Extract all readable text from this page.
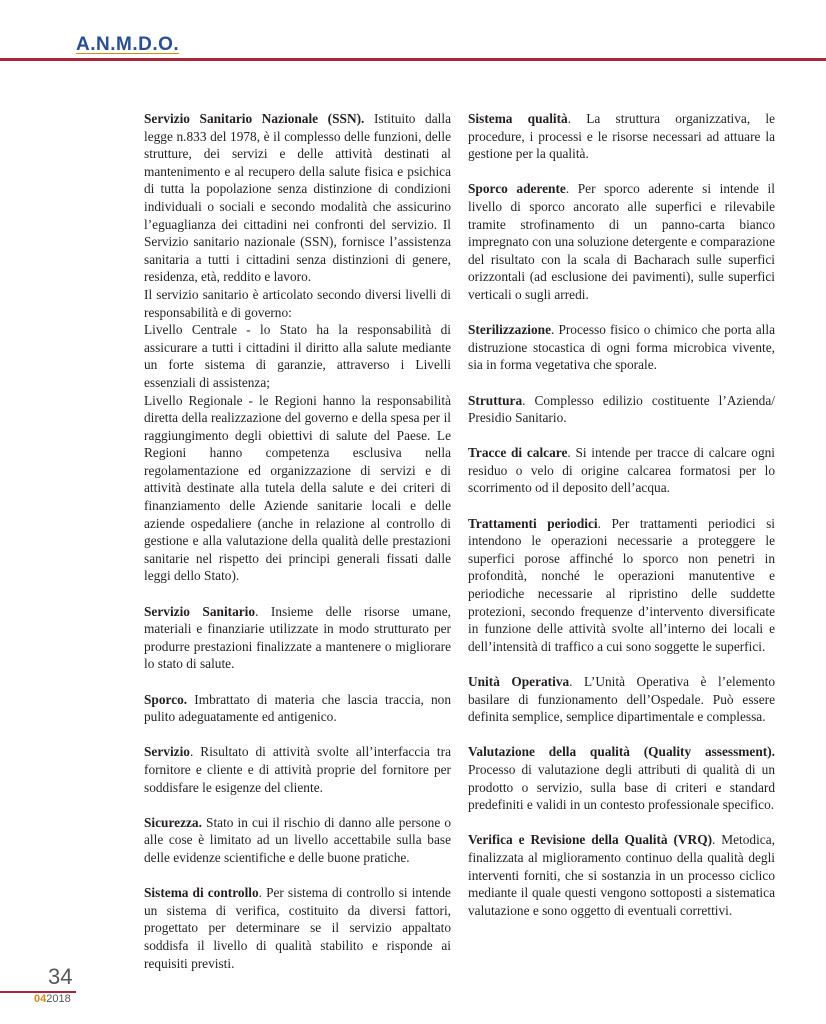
A.N.M.D.O.

Servizio Sanitario Nazionale (SSN). Istituito dalla legge n.833 del 1978, è il complesso delle funzioni, delle strutture, dei servizi e delle attività destinati al mantenimento e al recupero della salute fisica e psichica di tutta la popolazione senza distinzione di condizioni individuali o sociali e secondo modalità che assicurino l’eguaglianza dei cittadini nei confronti del servizio. Il Servizio sanitario nazionale (SSN), fornisce l’assistenza sanitaria a tutti i cittadini senza distinzioni di genere, residenza, età, reddito e lavoro.

Il servizio sanitario è articolato secondo diversi livelli di responsabilità e di governo:

Livello Centrale - lo Stato ha la responsabilità di assicurare a tutti i cittadini il diritto alla salute mediante un forte sistema di garanzie, attraverso i Livelli essenziali di assistenza;

Livello Regionale - le Regioni hanno la responsabilità diretta della realizzazione del governo e della spesa per il raggiungimento degli obiettivi di salute del Paese. Le Regioni hanno competenza esclusiva nella regolamentazione ed organizzazione di servizi e di attività destinate alla tutela della salute e dei criteri di finanziamento delle Aziende sanitarie locali e delle aziende ospedaliere (anche in relazione al controllo di gestione e alla valutazione della qualità delle prestazioni sanitarie nel rispetto dei principi generali fissati dalle leggi dello Stato).

Servizio Sanitario. Insieme delle risorse umane, materiali e finanziarie utilizzate in modo strutturato per produrre prestazioni finalizzate a mantenere o migliorare lo stato di salute.

Sporco. Imbrattato di materia che lascia traccia, non pulito adeguatamente ed antigenico.

Servizio. Risultato di attività svolte all’interfaccia tra fornitore e cliente e di attività proprie del fornitore per soddisfare le esigenze del cliente.

Sicurezza. Stato in cui il rischio di danno alle persone o alle cose è limitato ad un livello accettabile sulla base delle evidenze scientifiche e delle buone pratiche.

Sistema di controllo. Per sistema di controllo si intende un sistema di verifica, costituito da diversi fattori, progettato per determinare se il servizio appaltato soddisfa il livello di qualità stabilito e risponde ai requisiti previsti.

Sistema qualità. La struttura organizzativa, le procedure, i processi e le risorse necessari ad attuare la gestione per la qualità.

Sporco aderente. Per sporco aderente si intende il livello di sporco ancorato alle superfici e rilevabile tramite strofinamento di un panno-carta bianco impregnato con una soluzione detergente e comparazione del risultato con la scala di Bacharach sulle superfici orizzontali (ad esclusione dei pavimenti), sulle superfici verticali o sugli arredi.

Sterilizzazione. Processo fisico o chimico che porta alla distruzione stocastica di ogni forma microbica vivente, sia in forma vegetativa che sporale.

Struttura. Complesso edilizio costituente l’Azienda/ Presidio Sanitario.

Tracce di calcare. Si intende per tracce di calcare ogni residuo o velo di origine calcarea formatosi per lo scorrimento od il deposito dell’acqua.

Trattamenti periodici. Per trattamenti periodici si intendono le operazioni necessarie a proteggere le superfici porose affinché lo sporco non penetri in profondità, nonché le operazioni manutentive e periodiche necessarie al ripristino delle suddette protezioni, secondo frequenze d’intervento diversificate in funzione delle attività svolte all’interno dei locali e dell’intensità di traffico a cui sono soggette le superfici.

Unità Operativa. L’Unità Operativa è l’elemento basilare di funzionamento dell’Ospedale. Può essere definita semplice, semplice dipartimentale e complessa.

Valutazione della qualità (Quality assessment). Processo di valutazione degli attributi di qualità di un prodotto o servizio, sulla base di criteri e standard predefiniti e validi in un contesto professionale specifico.

Verifica e Revisione della Qualità (VRQ). Metodica, finalizzata al miglioramento continuo della qualità degli interventi forniti, che si sostanzia in un processo ciclico mediante il quale questi vengono sottoposti a sistematica valutazione e sono oggetto di eventuali correttivi.

34
042018
